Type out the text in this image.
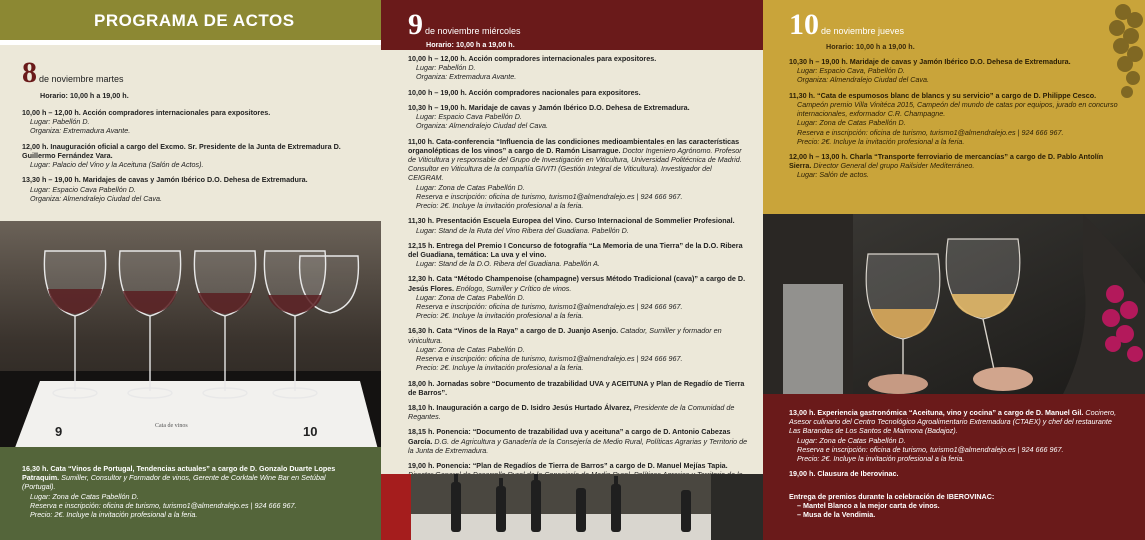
PROGRAMA DE ACTOS
8 de noviembre martes
Horario: 10,00 h a 19,00 h.

10,00 h – 12,00 h. Acción compradores internacionales para expositores.

Lugar: Pabellón D.

Organiza: Extremadura Avante.

12,00 h. Inauguración oficial a cargo del Excmo. Sr. Presidente de la Junta de Extremadura D. Guillermo Fernández Vara.

Lugar: Palacio del Vino y la Aceituna (Salón de Actos).

13,30 h – 19,00 h. Maridajes de cavas y Jamón Ibérico D.O. Dehesa de Extremadura.

Lugar: Espacio Cava Pabellón D.

Organiza: Almendralejo Ciudad del Cava.

9	Cata de vinos	10

16,30 h. Cata “Vinos de Portugal, Tendencias actuales” a cargo de D. Gonzalo Duarte Lopes Patraquim. Sumiller, Consultor y Formador de vinos, Gerente de Corktale Wine Bar en Setúbal (Portugal).

Lugar: Zona de Catas Pabellón D.

Reserva e inscripción: oficina de turismo, turismo1@almendralejo.es | 924 666 967.

Precio: 2€. Incluye la invitación profesional a la feria.

9 de noviembre miércoles
Horario: 10,00 h a 19,00 h.

10,00 h – 12,00 h. Acción compradores internacionales para expositores.

Lugar: Pabellón D.

Organiza: Extremadura Avante.

10,00 h – 19,00 h. Acción compradores nacionales para expositores.

10,30 h – 19,00 h. Maridaje de cavas y Jamón Ibérico D.O. Dehesa de Extremadura.

Lugar: Espacio Cava Pabellón D.

Organiza: Almendralejo Ciudad del Cava.

11,00 h. Cata-conferencia “Influencia de las condiciones medioambientales en las características organolépticas de los vinos” a cargo de D. Ramón Lisarrague. Doctor Ingeniero Agrónomo. Profesor de Viticultura y responsable del Grupo de Investigación en Viticultura, Universidad Politécnica de Madrid. Consultor en Viticultura de la compañía GIVITI (Gestión Integral de Viticultura). Investigador del CEIGRAM.

Lugar: Zona de Catas Pabellón D.

Reserva e inscripción: oficina de turismo, turismo1@almendralejo.es | 924 666 967.

Precio: 2€. Incluye la invitación profesional a la feria.

11,30 h. Presentación Escuela Europea del Vino. Curso Internacional de Sommelier Profesional.

Lugar: Stand de la Ruta del Vino Ribera del Guadiana. Pabellón D.

12,15 h. Entrega del Premio I Concurso de fotografía “La Memoria de una Tierra” de la D.O. Ribera del Guadiana, temática: La uva y el vino.

Lugar: Stand de la D.O. Ribera del Guadiana. Pabellón A.

12,30 h. Cata “Método Champenoise (champagne) versus Método Tradicional (cava)” a cargo de D. Jesús Flores. Enólogo, Sumiller y Crítico de vinos.

Lugar: Zona de Catas Pabellón D.

Reserva e inscripción: oficina de turismo, turismo1@almendralejo.es | 924 666 967.

Precio: 2€. Incluye la invitación profesional a la feria.

16,30 h. Cata “Vinos de la Raya” a cargo de D. Juanjo Asenjo. Catador, Sumiller y formador en vinicultura.

Lugar: Zona de Catas Pabellón D.

Reserva e inscripción: oficina de turismo, turismo1@almendralejo.es | 924 666 967.

Precio: 2€. Incluye la invitación profesional a la feria.

18,00 h. Jornadas sobre “Documento de trazabilidad UVA y ACEITUNA y Plan de Regadío de Tierra de Barros”.

18,10 h. Inauguración a cargo de D. Isidro Jesús Hurtado Álvarez, Presidente de la Comunidad de Regantes.

18,15 h. Ponencia: “Documento de trazabilidad uva y aceituna” a cargo de D. Antonio Cabezas García. D.G. de Agricultura y Ganadería de la Consejería de Medio Rural, Políticas Agrarias y Territorio de la Junta de Extremadura.

19,00 h. Ponencia: “Plan de Regadíos de Tierra de Barros” a cargo de D. Manuel Mejías Tapia.

10 de noviembre jueves
Horario: 10,00 h a 19,00 h.

10,30 h – 19,00 h. Maridaje de cavas y Jamón Ibérico D.O. Dehesa de Extremadura.

Lugar: Espacio Cava, Pabellón D.

Organiza: Almendralejo Ciudad del Cava.

11,30 h. “Cata de espumosos blanc de blancs y su servicio” a cargo de D. Philippe Cesco.

Campeón premio Villa Vinitéca 2015, Campeón del mundo de catas por equipos, jurado en concurso internacionales, exformador C.R. Champagne.

Lugar: Zona de Catas Pabellón D.

Reserva e inscripción: oficina de turismo, turismo1@almendralejo.es | 924 666 967.

Precio: 2€. Incluye la invitación profesional a la feria.

12,00 h – 13,00 h. Charla “Transporte ferroviario de mercancías” a cargo de D. Pablo Antolín Sierra. Director General del grupo Railsider Mediterráneo.

Lugar: Salón de actos.

13,00 h. Experiencia gastronómica “Aceituna, vino y cocina” a cargo de D. Manuel Gil. Cocinero, Asesor culinario del Centro Tecnológico Agroalimentario Extremadura (CTAEX) y chef del restaurante Las Barandas de Los Santos de Maimona (Badajoz).

Lugar: Zona de Catas Pabellón D.

Reserva e inscripción: oficina de turismo, turismo1@almendralejo.es | 924 666 967.

Precio: 2€. Incluye la invitación profesional a la feria.

19,00 h. Clausura de Iberovinac.

Entrega de premios durante la celebración de IBEROVINAC:

– Mantel Blanco a la mejor carta de vinos.

– Musa de la Vendimia.
